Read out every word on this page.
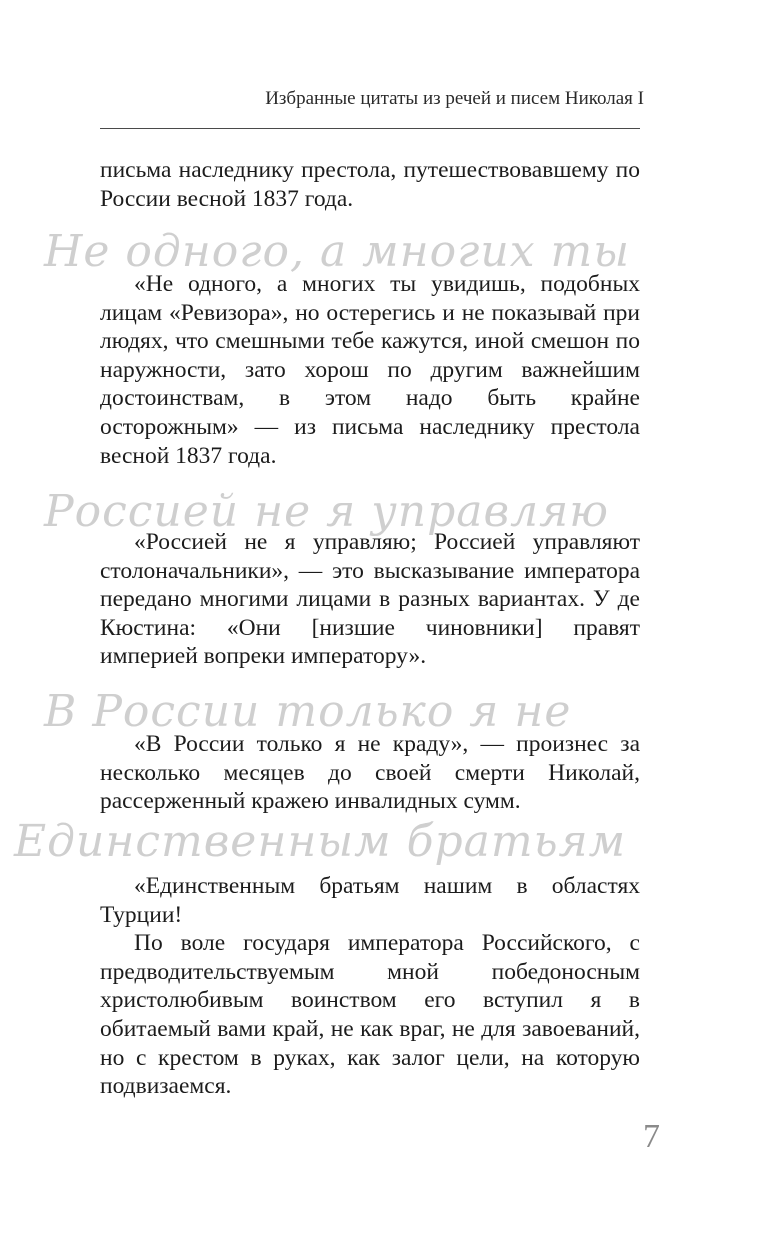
Избранные цитаты из речей и писем Николая I

письма наследнику престола, путешествовавшему по России весной 1837 года.

Не одного, а многих ты

«Не одного, а многих ты увидишь, подобных лицам «Ревизора», но остерегись и не показывай при людях, что смешными тебе кажутся, иной смешон по наружности, зато хорош по другим важнейшим достоинствам, в этом надо быть крайне осторожным» — из письма наследнику престола весной 1837 года.

Россией не я управляю

«Россией не я управляю; Россией управляют столоначальники», — это высказывание императора передано многими лицами в разных вариантах. У де Кюстина: «Они [низшие чиновники] правят империей вопреки императору».

В России только я не

«В России только я не краду», — произнес за несколько месяцев до своей смерти Николай, рассерженный кражею инвалидных сумм.

Единственным братьям

«Единственным братьям нашим в областях Турции!

По воле государя императора Российского, с предводительствуемым мной победоносным христолюбивым воинством его вступил я в обитаемый вами край, не как враг, не для завоеваний, но с крестом в руках, как залог цели, на которую подвизаемся.

7
